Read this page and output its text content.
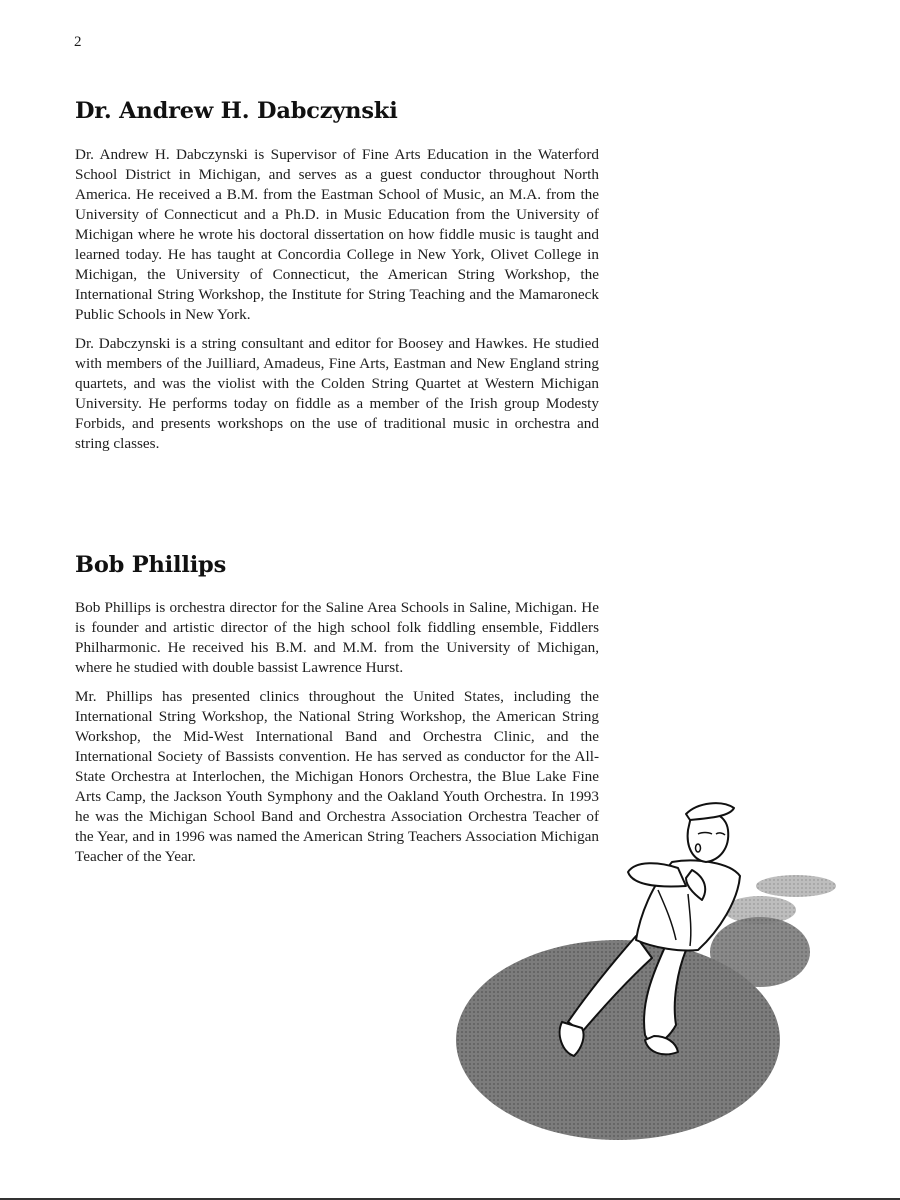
2
Dr. Andrew H. Dabczynski

Dr. Andrew H. Dabczynski is Supervisor of Fine Arts Education in the Waterford School District in Michigan, and serves as a guest conductor throughout North America. He received a B.M. from the Eastman School of Music, an M.A. from the University of Connecticut and a Ph.D. in Music Education from the University of Michigan where he wrote his doctoral dissertation on how fiddle music is taught and learned today. He has taught at Concordia College in New York, Olivet College in Michigan, the University of Connecticut, the American String Workshop, the International String Workshop, the Institute for String Teaching and the Mamaroneck Public Schools in New York.

Dr. Dabczynski is a string consultant and editor for Boosey and Hawkes. He studied with members of the Juilliard, Amadeus, Fine Arts, Eastman and New England string quartets, and was the violist with the Colden String Quartet at Western Michigan University. He performs today on fiddle as a member of the Irish group Modesty Forbids, and presents workshops on the use of traditional music in orchestra and string classes.

Bob Phillips

Bob Phillips is orchestra director for the Saline Area Schools in Saline, Michigan. He is founder and artistic director of the high school folk fiddling ensemble, Fiddlers Philharmonic. He received his B.M. and M.M. from the University of Michigan, where he studied with double bassist Lawrence Hurst.

Mr. Phillips has presented clinics throughout the United States, including the International String Workshop, the National String Workshop, the American String Workshop, the Mid-West International Band and Orchestra Clinic, and the International Society of Bassists convention. He has served as conductor for the All-State Orchestra at Interlochen, the Michigan Honors Orchestra, the Blue Lake Fine Arts Camp, the Jackson Youth Symphony and the Oakland Youth Orchestra. In 1993 he was the Michigan School Band and Orchestra Association Orchestra Teacher of the Year, and in 1996 was named the American String Teachers Association Michigan Teacher of the Year.
